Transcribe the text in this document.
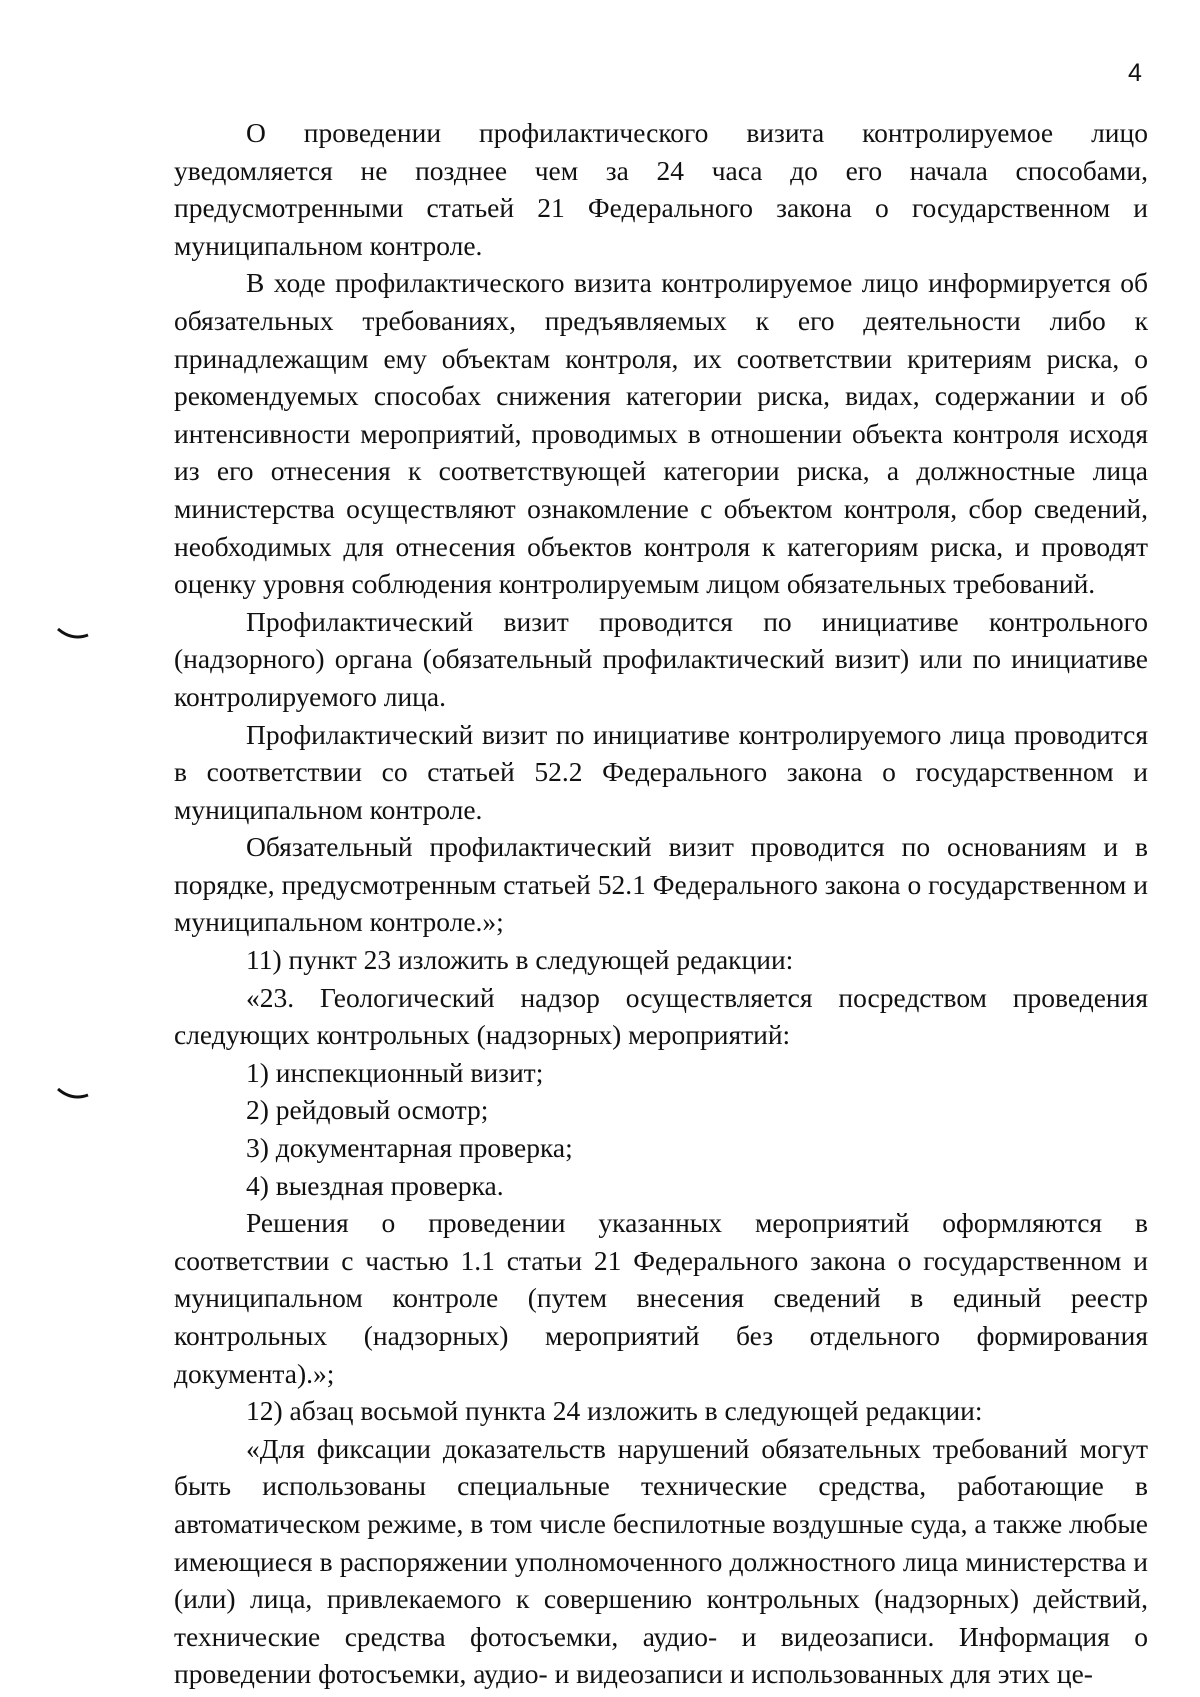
4

О проведении профилактического визита контролируемое лицо уведомляется не позднее чем за 24 часа до его начала способами, предусмотренными статьей 21 Федерального закона о государственном и муниципальном контроле.

В ходе профилактического визита контролируемое лицо информируется об обязательных требованиях, предъявляемых к его деятельности либо к принадлежащим ему объектам контроля, их соответствии критериям риска, о рекомендуемых способах снижения категории риска, видах, содержании и об интенсивности мероприятий, проводимых в отношении объекта контроля исходя из его отнесения к соответствующей категории риска, а должностные лица министерства осуществляют ознакомление с объектом контроля, сбор сведений, необходимых для отнесения объектов контроля к категориям риска, и проводят оценку уровня соблюдения контролируемым лицом обязательных требований.

Профилактический визит проводится по инициативе контрольного (надзорного) органа (обязательный профилактический визит) или по инициативе контролируемого лица.

Профилактический визит по инициативе контролируемого лица проводится в соответствии со статьей 52.2 Федерального закона о государственном и муниципальном контроле.

Обязательный профилактический визит проводится по основаниям и в порядке, предусмотренным статьей 52.1 Федерального закона о государственном и муниципальном контроле.»;

11) пункт 23 изложить в следующей редакции:

«23. Геологический надзор осуществляется посредством проведения следующих контрольных (надзорных) мероприятий:

1) инспекционный визит;

2) рейдовый осмотр;

3) документарная проверка;

4) выездная проверка.

Решения о проведении указанных мероприятий оформляются в соответствии с частью 1.1 статьи 21 Федерального закона о государственном и муниципальном контроле (путем внесения сведений в единый реестр контрольных (надзорных) мероприятий без отдельного формирования документа).»;

12) абзац восьмой пункта 24 изложить в следующей редакции:

«Для фиксации доказательств нарушений обязательных требований могут быть использованы специальные технические средства, работающие в автоматическом режиме, в том числе беспилотные воздушные суда, а также любые имеющиеся в распоряжении уполномоченного должностного лица министерства и (или) лица, привлекаемого к совершению контрольных (надзорных) действий, технические средства фотосъемки, аудио- и видеозаписи. Информация о проведении фотосъемки, аудио- и видеозаписи и использованных для этих це-
